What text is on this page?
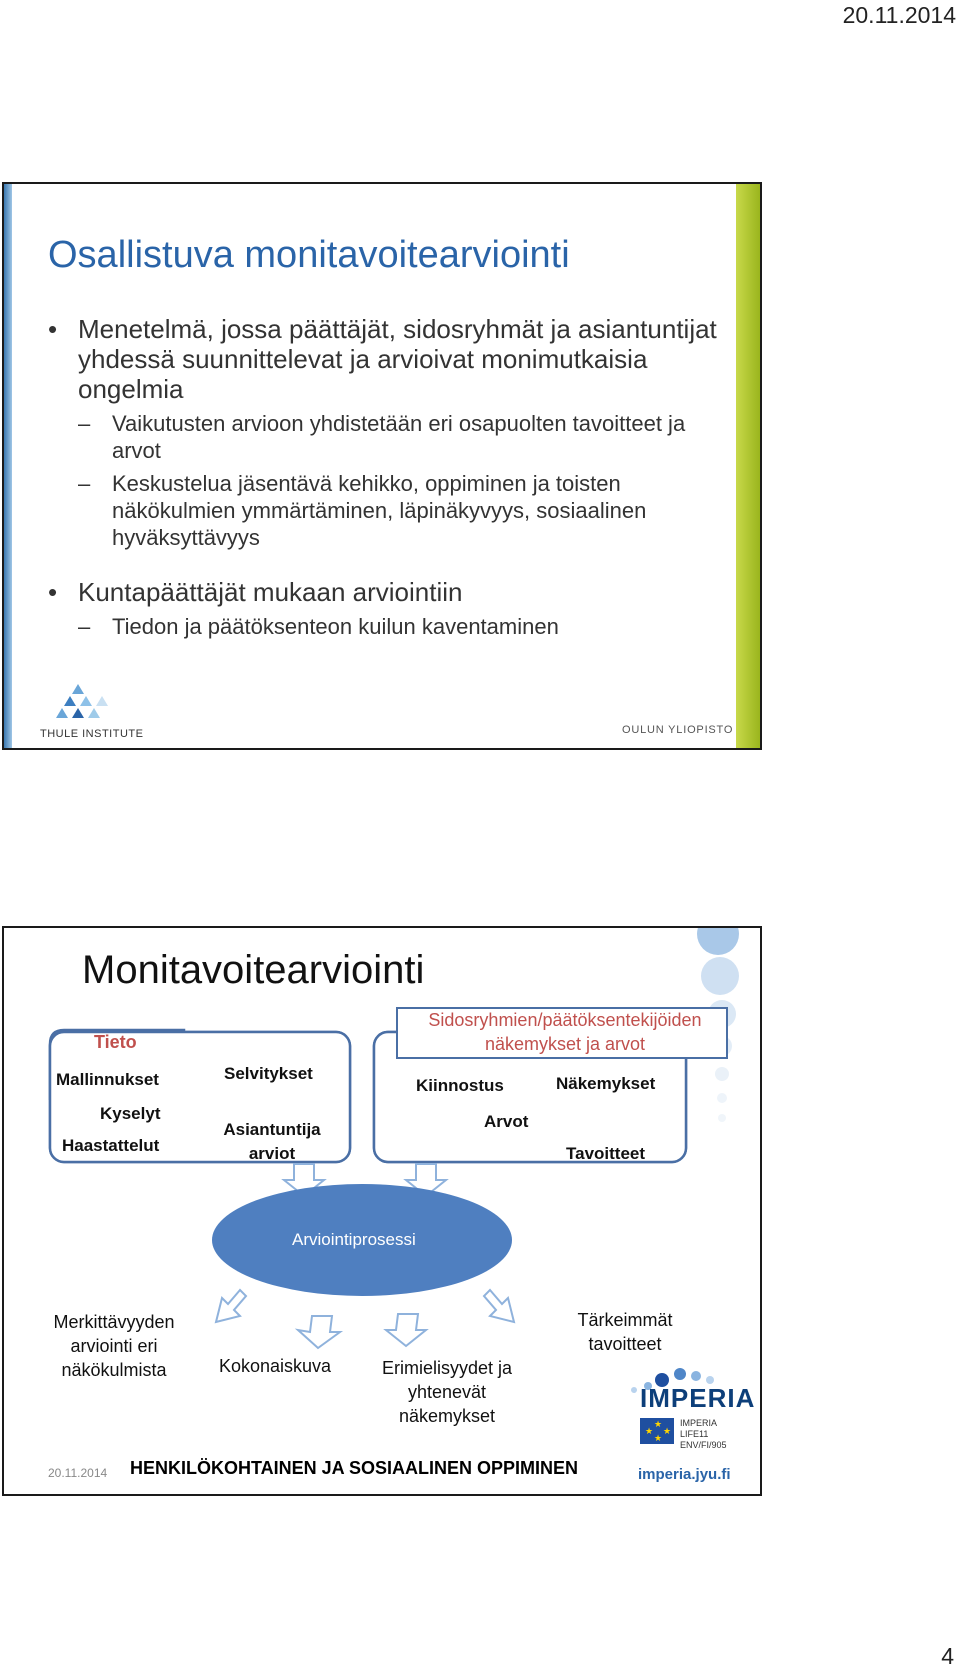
20.11.2014
Osallistuva monitavoitearviointi
• Menetelmä, jossa päättäjät, sidosryhmät ja asiantuntijat yhdessä suunnittelevat ja arvioivat monimutkaisia ongelmia
– Vaikutusten arvioon yhdistetään eri osapuolten tavoitteet ja arvot
– Keskustelua jäsentävä kehikko, oppiminen ja toisten näkökulmien ymmärtäminen, läpinäkyvyys, sosiaalinen hyväksyttävyys
• Kuntapäättäjät mukaan arviointiin
– Tiedon ja päätöksenteon kuilun kaventaminen
THULE INSTITUTE	OULUN YLIOPISTO
Monitavoitearviointi
Tieto
Mallinnukset
Kyselyt
Haastattelut
Selvitykset
Asiantuntija arviot
Sidosryhmien/päätöksentekijöiden näkemykset ja arvot
Kiinnostus	Näkemykset
Arvot
Tavoitteet
Arviointiprosessi
Merkittävyyden arviointi eri näkökulmista	Kokonaiskuva	Erimielisyydet ja yhtenevät näkemykset
Tärkeimmät tavoitteet
IMPERIA
★
★ ★
★
IMPERIA
LIFE11
ENV/FI/905
imperia.jyu.fi
20.11.2014 HENKILÖKOHTAINEN JA SOSIAALINEN OPPIMINEN
4
